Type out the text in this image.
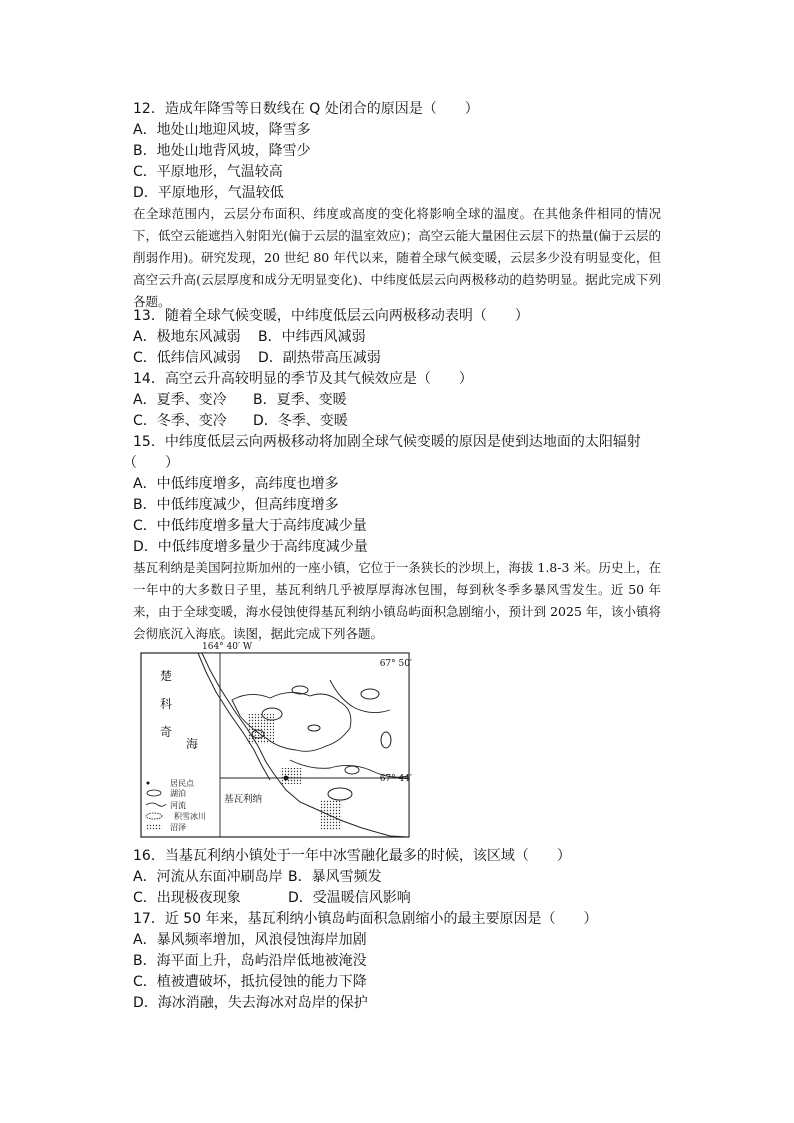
12．造成年降雪等日数线在 Q 处闭合的原因是（　　）
A．地处山地迎风坡，降雪多
B．地处山地背风坡，降雪少
C．平原地形，气温较高
D．平原地形，气温较低
在全球范围内，云层分布面积、纬度或高度的变化将影响全球的温度。在其他条件相同的情况下，低空云能遮挡入射阳光(偏于云层的温室效应)；高空云能大量困住云层下的热量(偏于云层的削弱作用)。研究发现，20 世纪 80 年代以来，随着全球气候变暖，云层多少没有明显变化，但高空云升高(云层厚度和成分无明显变化)、中纬度低层云向两极移动的趋势明显。据此完成下列各题。
13．随着全球气候变暖，中纬度低层云向两极移动表明（　　）
A．极地东风减弱 B．中纬西风减弱
C．低纬信风减弱 D．副热带高压减弱
14．高空云升高较明显的季节及其气候效应是（　　）
A．夏季、变冷 B．夏季、变暖
C．冬季、变冷 D．冬季、变暖
15．中纬度低层云向两极移动将加剧全球气候变暖的原因是使到达地面的太阳辐射
（　　）
A．中低纬度增多，高纬度也增多
B．中低纬度减少，但高纬度增多
C．中低纬度增多量大于高纬度减少量
D．中低纬度增多量少于高纬度减少量
基瓦利纳是美国阿拉斯加州的一座小镇，它位于一条狭长的沙坝上，海拔 1.8-3 米。历史上，在一年中的大多数日子里，基瓦利纳几乎被厚厚海冰包围，每到秋冬季多暴风雪发生。近 50 年来，由于全球变暖，海水侵蚀使得基瓦利纳小镇岛屿面积急剧缩小，预计到 2025 年，该小镇将会彻底沉入海底。读图，据此完成下列各题。
164° 40′ W
67° 50′
67° 44′
楚
科
奇
海
基瓦利纳
居民点
湖泊
河流
积雪冰川
沼泽
16．当基瓦利纳小镇处于一年中冰雪融化最多的时候，该区域（　　）
A．河流从东面冲刷岛岸 B．暴风雪频发
C．出现极夜现象	D．受温暖信风影响
17．近 50 年来，基瓦利纳小镇岛屿面积急剧缩小的最主要原因是（　　）
A．暴风频率增加，风浪侵蚀海岸加剧
B．海平面上升，岛屿沿岸低地被淹没
C．植被遭破坏，抵抗侵蚀的能力下降
D．海冰消融，失去海冰对岛岸的保护
